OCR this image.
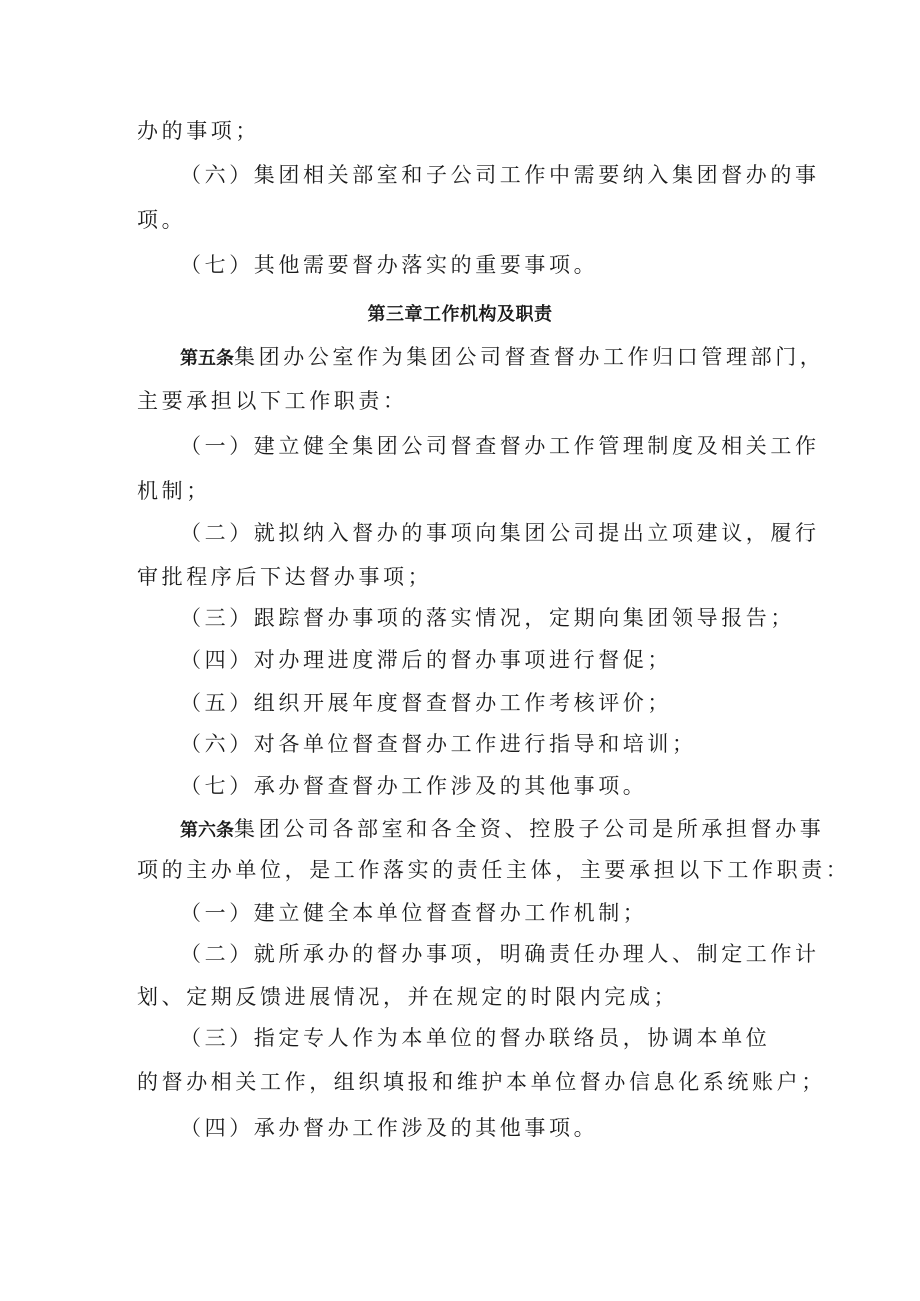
办的事项；
（六）集团相关部室和子公司工作中需要纳入集团督办的事
项。
（七）其他需要督办落实的重要事项。
第三章工作机构及职责
第五条集团办公室作为集团公司督查督办工作归口管理部门，
主要承担以下工作职责：
（一）建立健全集团公司督查督办工作管理制度及相关工作
机制；
（二）就拟纳入督办的事项向集团公司提出立项建议，履行
审批程序后下达督办事项；
（三）跟踪督办事项的落实情况，定期向集团领导报告；
（四）对办理进度滞后的督办事项进行督促；
（五）组织开展年度督查督办工作考核评价；
（六）对各单位督查督办工作进行指导和培训；
（七）承办督查督办工作涉及的其他事项。
第六条集团公司各部室和各全资、控股子公司是所承担督办事
项的主办单位，是工作落实的责任主体，主要承担以下工作职责：
（一）建立健全本单位督查督办工作机制；
（二）就所承办的督办事项，明确责任办理人、制定工作计
划、定期反馈进展情况，并在规定的时限内完成；
（三）指定专人作为本单位的督办联络员，协调本单位
的督办相关工作，组织填报和维护本单位督办信息化系统账户；
（四）承办督办工作涉及的其他事项。
